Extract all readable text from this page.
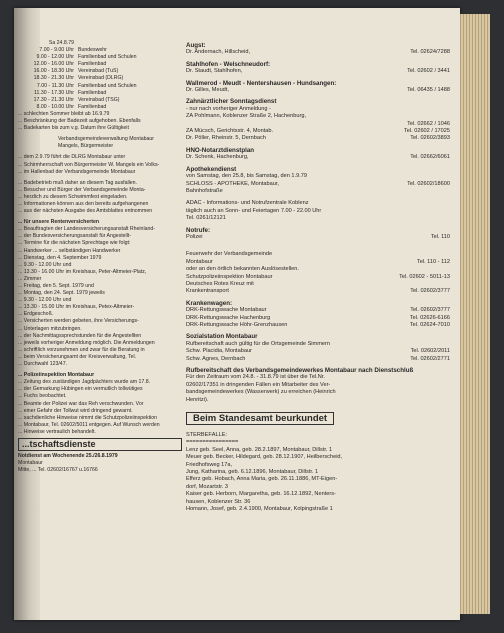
Sa 24.8.79
7.00 - 9.00 Uhr Bundeswehr
9.00 - 12.00 Uhr Familienbad und Schulen
12.00 - 16.00 Uhr Familienbad
16.00 - 18.30 Uhr Vereinsbad (TuS)
18.30 - 21.30 Uhr Vereinsbad (DLRG)
7.00 - 11.30 Uhr Familienbad und Schulen
11.30 - 17.30 Uhr Familienbad
17.30 - 21.30 Uhr Vereinsbad (TSG)
8.00 - 10.00 Uhr Familienbad
... schlechten Sommer bleibt ab 16.9.79
... Beschränkung der Badezeit aufgehoben. Ebenfalls
... Badekarten bis zum v.g. Datum ihre Gültigkeit
Verbandsgemeindeverwaltung Montabaur
Mangels, Bürgermeister
... dem 2.9.79 führt die DLRG Montabaur unter
... Schirmherrschaft von Bürgermeister W. Mangels ein Volks-
... im Hallenbad der Verbandsgemeinde Montabaur
... Badebetrieb muß daher an diesem Tag ausfallen.
... Besucher und Bürger der Verbandsgemeinde Monta-
... herzlich zu diesem Schwimmfest eingeladen.
... Informationen können aus den bereits aufgehangenen
... aus der nächsten Ausgabe des Amtsblattes entnommen
... für unsere Rentenversicherten
... Beauftragten der Landesversicherungsanstalt Rheinland-
... der Bundesversicherungsanstalt für Angestellt-
... Termine für die nächsten Sprechtage wie folgt:
... Handwerker ... selbständigen Handwerker
... Dienstag, den 4. September 1979
... 9.30 - 12.00 Uhr und
... 13.30 - 16.00 Uhr im Kreishaus, Peter-Altmeier-Platz,
... Zimmer
... Freitag, den 5. Sept. 1979 und
... Montag, den 24. Sept. 1979 jeweils
... 9.30 - 12.00 Uhr und
... 13.30 - 15.00 Uhr im Kreishaus, Petex-Altmeier-
... Erdgeschoß.
... Versicherten werden gebeten, ihre Versicherungs-
... Unterlagen mitzubringen.
... der Nachmittagssprechstunden für die Angestellten
... jeweils vorheriger Anmeldung möglich. Die Anmeldungen
... schriftlich vorzunehmen und zwar für die Beratung in
... beim Versicherungsamt der Kreisverwaltung, Tel.
... Durchwahl 123/47.
... Polizeiinspektion Montabaur
... Zeitung des zuständigen Jagdpächters wurde am 17.8.
... der Gemarkung Hübingen ein vermutlich tollwütiges
... Fuchs beobachtet.
... Beamte der Polizei war das Reh verschwunden. Vor
... einer Gefahr der Tollwut wird dringend gewarnt.
... sachdienliche Hinweise nimmt die Schutzpolizeiinspektion
... Montabaur, Tel. 02602/5011 entgegen. Auf Wunsch werden
... Hinweise vertraulich behandelt.
...tschaftsdienste
Notdienst am Wochenende 25./26.8.1979
Montabaur
Mitte, ... Tel. 02602/16767 u.16766
Augst:
Dr. Andernach, Hillscheid,	Tel. 02624/7288
Stahlhofen - Welschneudorf:
Dr. Staudt, Stahlhofen,	Tel. 02602 / 3441
Wallmerod - Meudt - Nentershausen - Hundsangen:
Dr. Gilles, Meudt,	Tel. 06435 / 1488
Zahnärztlicher Sonntagsdienst
- nur nach vorheriger Anmeldung -
ZA Pohlmann, Koblenzer Straße 2, Hachenburg,
Tel. 02662 / 1046
ZA Mücsch, Gerichtsstr. 4, Montab.	Tel. 02602 / 17025
Dr. Pöller, Rheinstr. 5, Dernbach	Tel. 02602/3893
HNO-Notarztdienstplan
Dr. Schenk, Hachenburg,	Tel. 02662/6061
Apothekendienst
von Samstag, den 25.8, bis Samstag, den 1.9.79
SCHLOSS - APOTHEKE, Montabaur,	Tel. 02602/18600
Bahnhofstraße
ADAC - Informations- und Notrufzentrale Koblenz
täglich auch an Sonn- und Feiertagen 7.00 - 22.00 Uhr
Tel. 0261/12121
Notrufe:
Polizei	Tel. 110
Feuerwehr der Verbandsgemeinde
Montabaur	Tel. 110 - 112
oder an den örtlich bekannten Auslösestellen.
Schutzpolizeiinspektion Montabaur	Tel. 02602 - 5011-13
Deutsches Rotes Kreuz mit
Krankentransport	Tel. 02602/3777
Krankenwagen:
DRK-Rettungswache Montabaur	Tel. 02602/3777
DRK-Rettungswache Hachenburg	Tel. 02626-6166
DRK-Rettungswache Höhr-Grenzhausen	Tel. 02624-7010
Sozialstation Montabaur
Rufbereitschaft auch gültig für die Ortsgemeinde Simmern
Schw. Placidia, Montabaur	Tel. 02602/2011
Schw. Agnes, Dernbach	Tel. 02602/2771
Rufbereitschaft des Verbandsgemeindewerkes Montabaur nach Dienstschluß
Für den Zeitraum vom 24.8. - 31.8.79 ist über die Tel.Nr.
02602/17351 in dringenden Fällen ein Mitarbeiter des Ver-
bandsgemeindewerkes (Wasserwerk) zu erreichen (Heinrich
Henritzi).
Beim Standesamt beurkundet
STERBEFÄLLE:
================
Lenz geb. Seel, Anna, geb. 28.2.1897, Montabaur, Dillstr. 1
Meuer geb. Becker, Hildegard, geb. 28.12.1907, Heilberscheid,
Friedhofsweg 17a,
Jung, Katharina, geb. 6.12.1896, Montabaur, Dillstr. 1
Efferz geb. Hobach, Anna Maria, geb. 26.11.1886, MT-Eigen-
dorf, Mozartstr. 3
Kaiser geb. Herborn, Margaretha, geb. 16.12.1892, Nenters-
hausen, Koblenzer Str. 36
Homann, Josef, geb. 2.4.1900, Montabaur, Kolpingstraße 1
